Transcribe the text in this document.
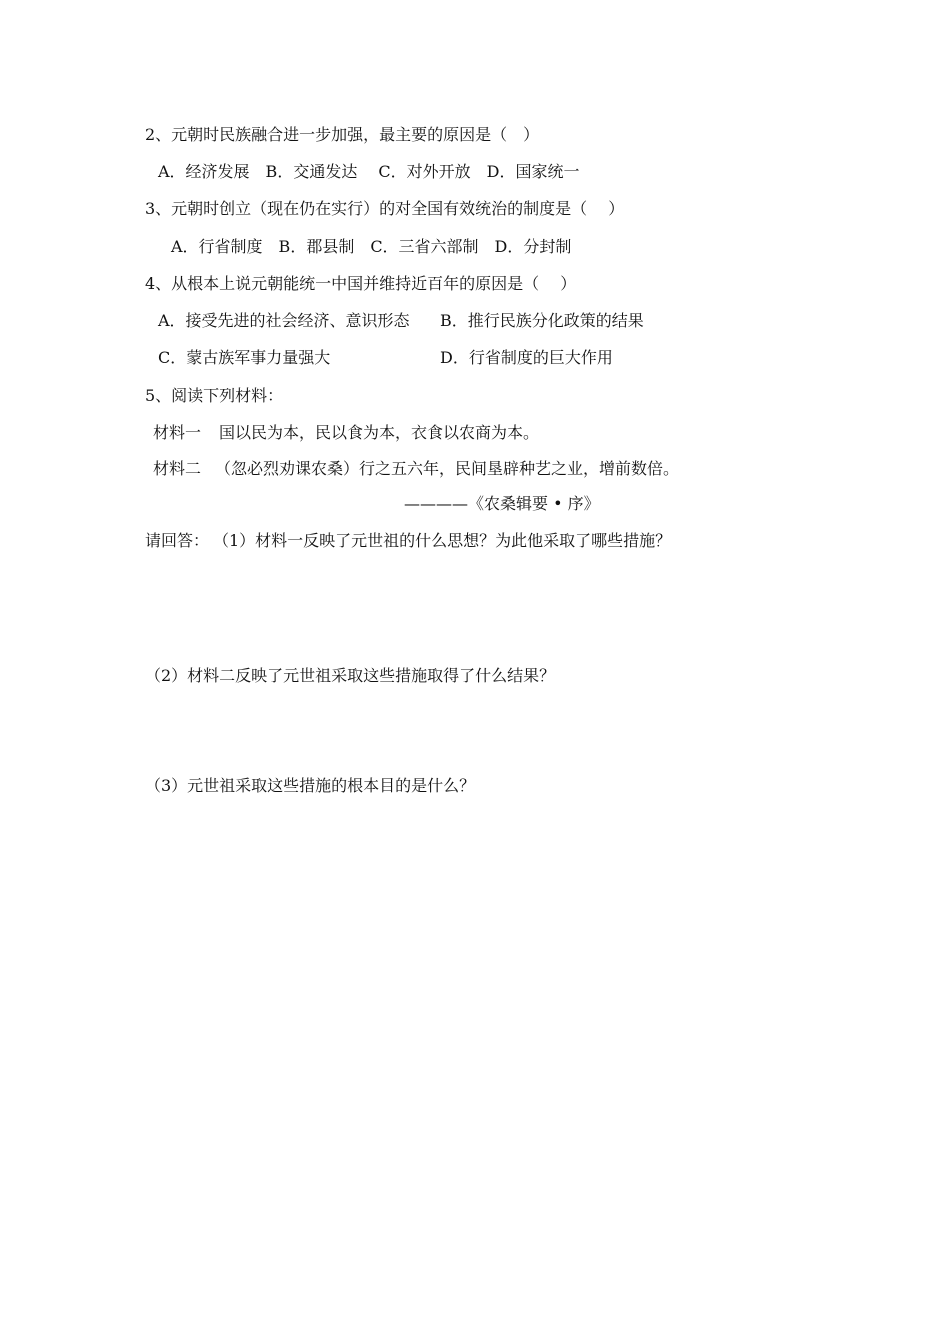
2、元朝时民族融合进一步加强，最主要的原因是（　）
A．经济发展　B．交通发达　 C．对外开放　D．国家统一
3、元朝时创立（现在仍在实行）的对全国有效统治的制度是（　 ）
A．行省制度　B．郡县制　C．三省六部制　D．分封制
4、从根本上说元朝能统一中国并维持近百年的原因是（　 ）
A．接受先进的社会经济、意识形态 B．推行民族分化政策的结果
C．蒙古族军事力量强大	D．行省制度的巨大作用
5、阅读下列材料：
材料一 国以民为本，民以食为本，衣食以农商为本。
材料二 （忽必烈劝课农桑）行之五六年，民间垦辟种艺之业，增前数倍。
————《农桑辑要 • 序》
请回答： （1）材料一反映了元世祖的什么思想？为此他采取了哪些措施？
（2）材料二反映了元世祖采取这些措施取得了什么结果？
（3）元世祖采取这些措施的根本目的是什么？
